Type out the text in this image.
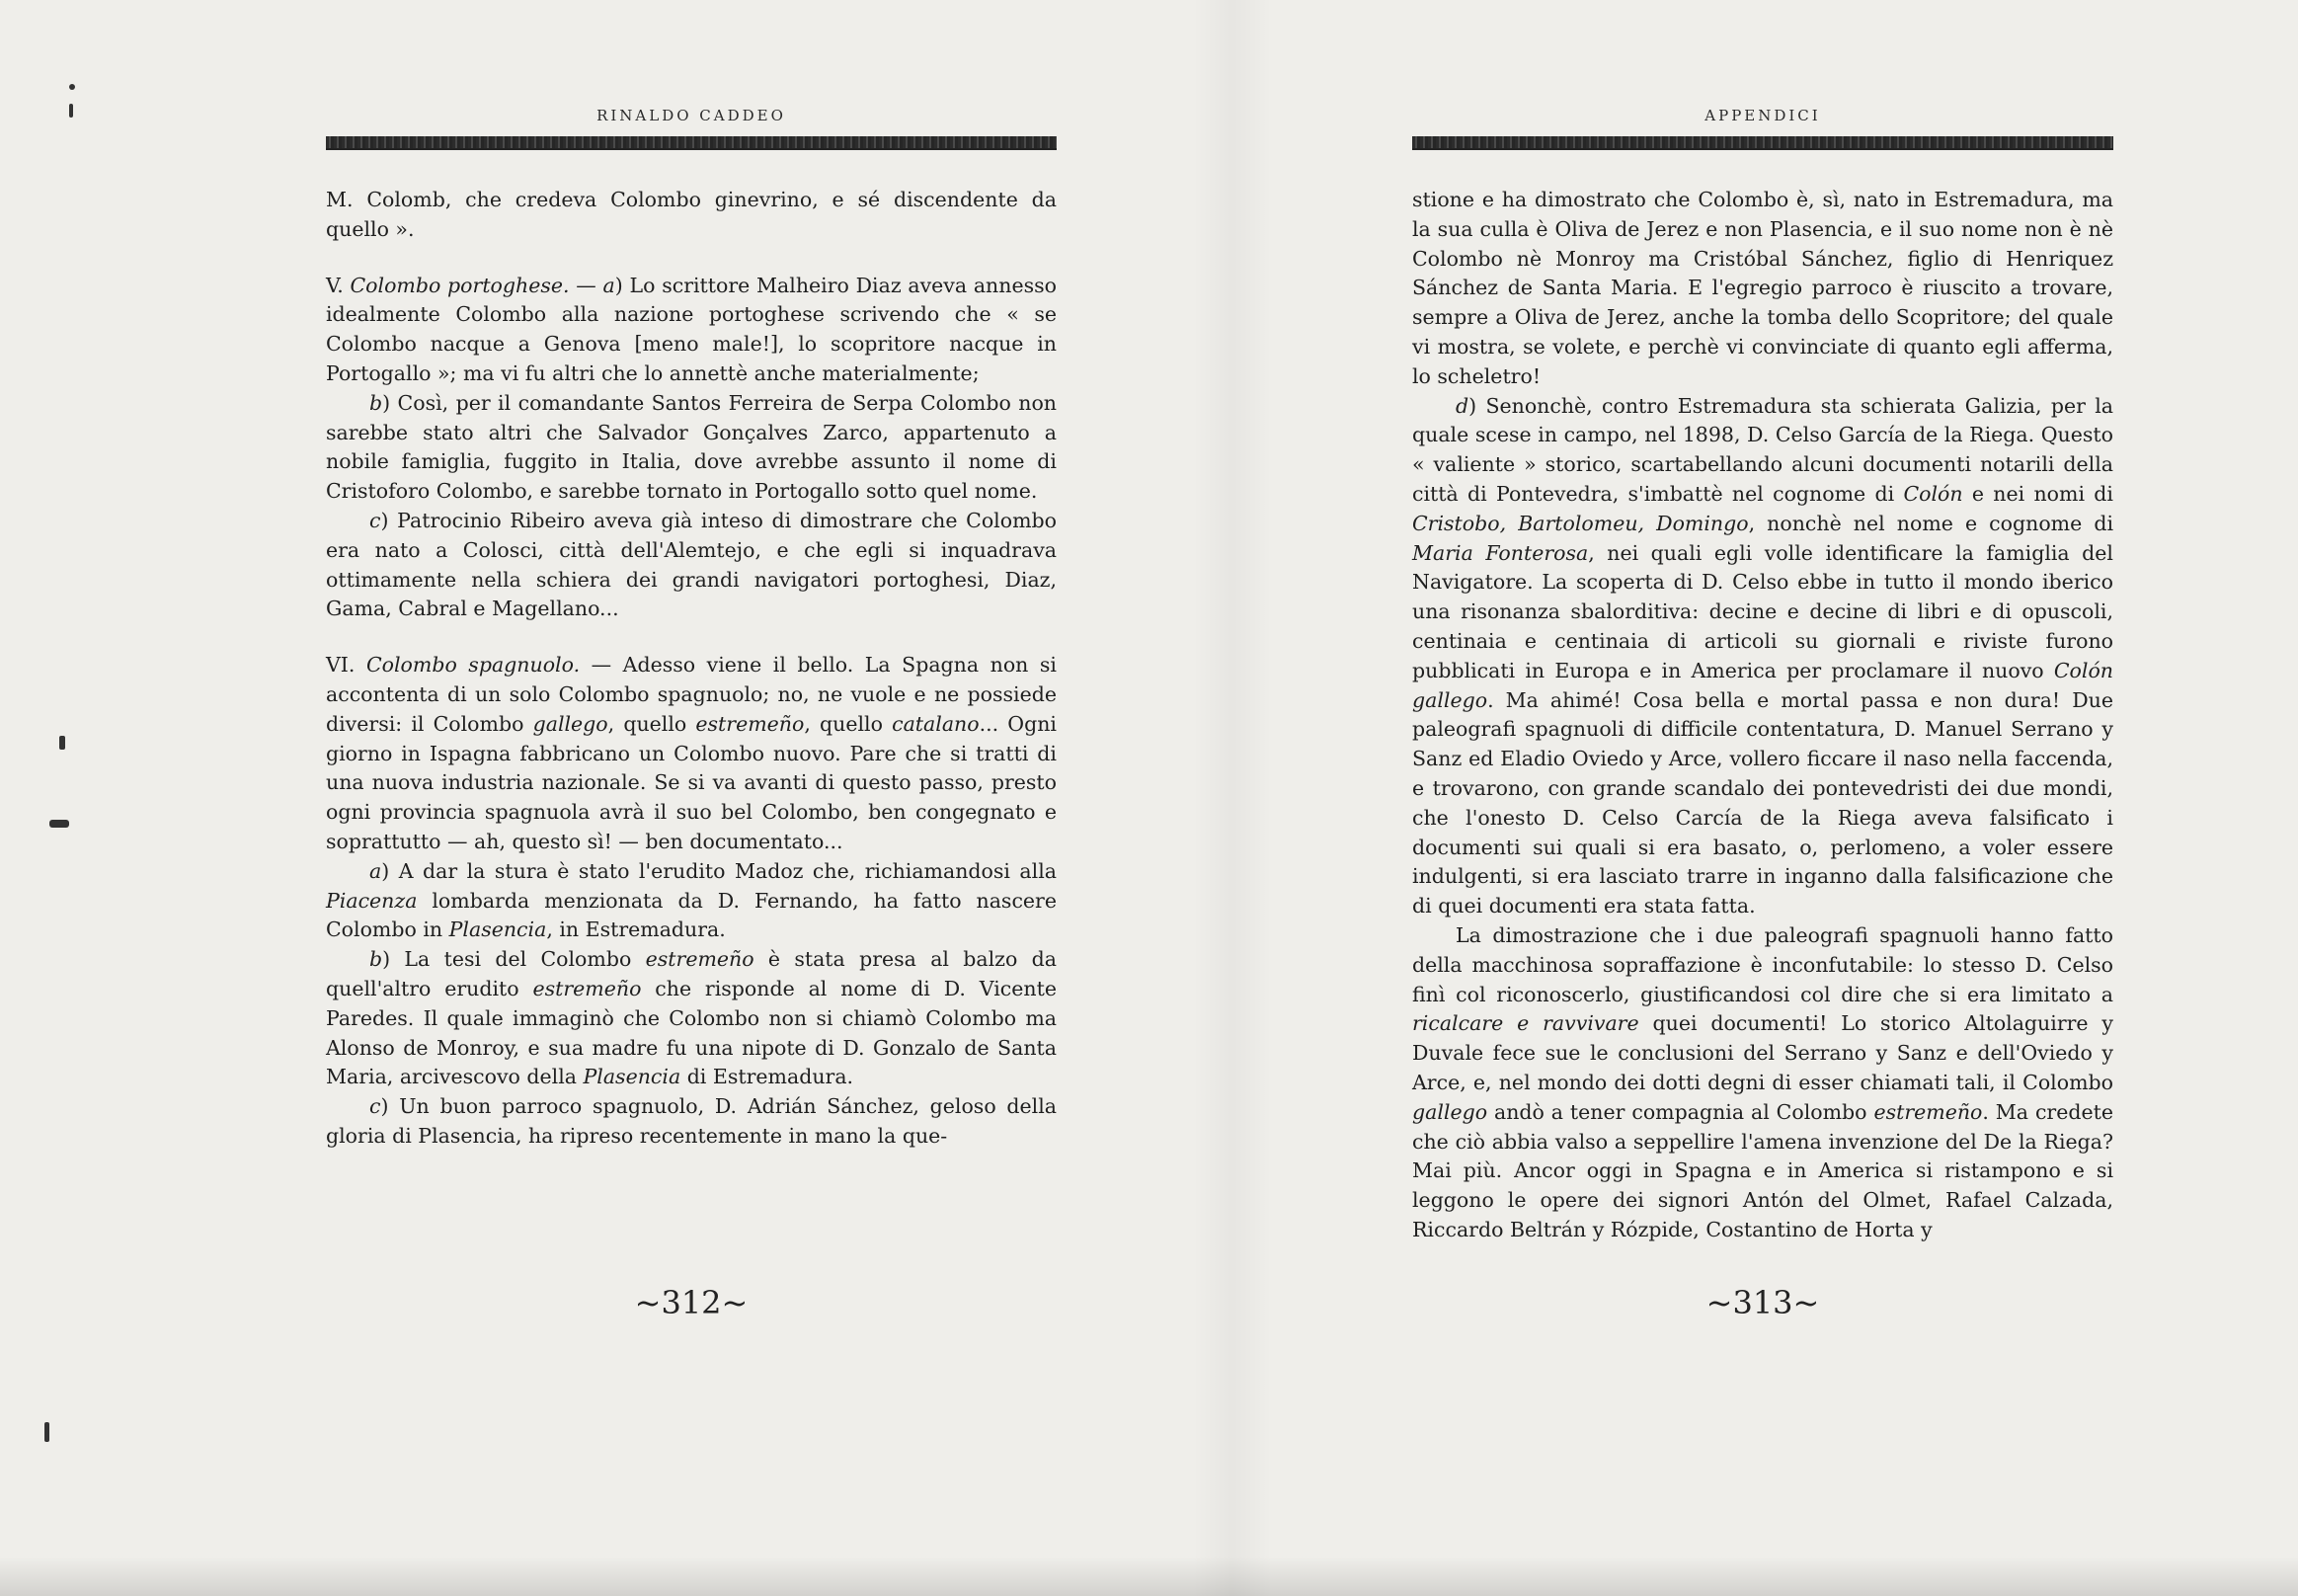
RINALDO CADDEO

M. Colomb, che credeva Colombo ginevrino, e sé discendente da quello ».

V. Colombo portoghese. — a) Lo scrittore Malheiro Diaz aveva annesso idealmente Colombo alla nazione portoghese scrivendo che « se Colombo nacque a Genova [meno male!], lo scopritore nacque in Portogallo »; ma vi fu altri che lo annettè anche materialmente;

b) Così, per il comandante Santos Ferreira de Serpa Colombo non sarebbe stato altri che Salvador Gonçalves Zarco, appartenuto a nobile famiglia, fuggito in Italia, dove avrebbe assunto il nome di Cristoforo Colombo, e sarebbe tornato in Portogallo sotto quel nome.

c) Patrocinio Ribeiro aveva già inteso di dimostrare che Colombo era nato a Colosci, città dell'Alemtejo, e che egli si inquadrava ottimamente nella schiera dei grandi navigatori portoghesi, Diaz, Gama, Cabral e Magellano...

VI. Colombo spagnuolo. — Adesso viene il bello. La Spagna non si accontenta di un solo Colombo spagnuolo; no, ne vuole e ne possiede diversi: il Colombo gallego, quello estremeño, quello catalano... Ogni giorno in Ispagna fabbricano un Colombo nuovo. Pare che si tratti di una nuova industria nazionale. Se si va avanti di questo passo, presto ogni provincia spagnuola avrà il suo bel Colombo, ben congegnato e soprattutto — ah, questo sì! — ben documentato...

a) A dar la stura è stato l'erudito Madoz che, richiamandosi alla Piacenza lombarda menzionata da D. Fernando, ha fatto nascere Colombo in Plasencia, in Estremadura.

b) La tesi del Colombo estremeño è stata presa al balzo da quell'altro erudito estremeño che risponde al nome di D. Vicente Paredes. Il quale immaginò che Colombo non si chiamò Colombo ma Alonso de Monroy, e sua madre fu una nipote di D. Gonzalo de Santa Maria, arcivescovo della Plasencia di Estremadura.

c) Un buon parroco spagnuolo, D. Adrián Sánchez, geloso della gloria di Plasencia, ha ripreso recentemente in mano la que-

~312~
APPENDICI

stione e ha dimostrato che Colombo è, sì, nato in Estremadura, ma la sua culla è Oliva de Jerez e non Plasencia, e il suo nome non è nè Colombo nè Monroy ma Cristóbal Sánchez, figlio di Henriquez Sánchez de Santa Maria. E l'egregio parroco è riuscito a trovare, sempre a Oliva de Jerez, anche la tomba dello Scopritore; del quale vi mostra, se volete, e perchè vi convinciate di quanto egli afferma, lo scheletro!

d) Senonchè, contro Estremadura sta schierata Galizia, per la quale scese in campo, nel 1898, D. Celso García de la Riega. Questo « valiente » storico, scartabellando alcuni documenti notarili della città di Pontevedra, s'imbattè nel cognome di Colón e nei nomi di Cristobo, Bartolomeu, Domingo, nonchè nel nome e cognome di Maria Fonterosa, nei quali egli volle identificare la famiglia del Navigatore. La scoperta di D. Celso ebbe in tutto il mondo iberico una risonanza sbalorditiva: decine e decine di libri e di opuscoli, centinaia e centinaia di articoli su giornali e riviste furono pubblicati in Europa e in America per proclamare il nuovo Colón gallego. Ma ahimé! Cosa bella e mortal passa e non dura! Due paleografi spagnuoli di difficile contentatura, D. Manuel Serrano y Sanz ed Eladio Oviedo y Arce, vollero ficcare il naso nella faccenda, e trovarono, con grande scandalo dei pontevedristi dei due mondi, che l'onesto D. Celso Carcía de la Riega aveva falsificato i documenti sui quali si era basato, o, perlomeno, a voler essere indulgenti, si era lasciato trarre in inganno dalla falsificazione che di quei documenti era stata fatta.

La dimostrazione che i due paleografi spagnuoli hanno fatto della macchinosa sopraffazione è inconfutabile: lo stesso D. Celso finì col riconoscerlo, giustificandosi col dire che si era limitato a ricalcare e ravvivare quei documenti! Lo storico Altolaguirre y Duvale fece sue le conclusioni del Serrano y Sanz e dell'Oviedo y Arce, e, nel mondo dei dotti degni di esser chiamati tali, il Colombo gallego andò a tener compagnia al Colombo estremeño. Ma credete che ciò abbia valso a seppellire l'amena invenzione del De la Riega? Mai più. Ancor oggi in Spagna e in America si ristampono e si leggono le opere dei signori Antón del Olmet, Rafael Calzada, Riccardo Beltrán y Rózpide, Costantino de Horta y

~313~
